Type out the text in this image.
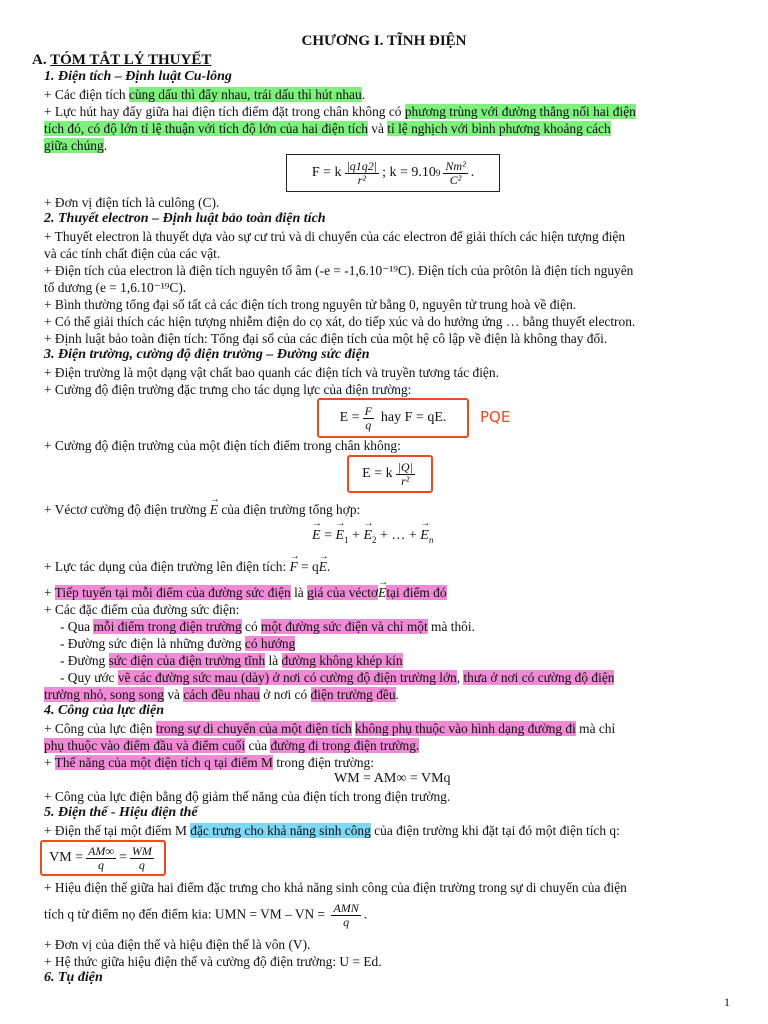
CHƯƠNG I. TĨNH ĐIỆN
A. TÓM TẮT LÝ THUYẾT
1. Điện tích – Định luật Cu-lông
+ Các điện tích cùng dấu thì đẩy nhau, trái dấu thì hút nhau.
+ Lực hút hay đẩy giữa hai điện tích điểm đặt trong chân không có phương trùng với đường thẳng nối hai điện
tích đó, có độ lớn tỉ lệ thuận với tích độ lớn của hai điện tích và tỉ lệ nghịch với bình phương khoảng cách
giữa chúng.
F = k $\frac{|q1q2|}{\text{r²}}$ ; k = 9.10 $9 \frac{\text{Nm²}}{\text{C²}}$ .
+ Đơn vị điện tích là culông (C).
2. Thuyết electron – Định luật bảo toàn điện tích
+ Thuyết electron là thuyết dựa vào sự cư trú và di chuyển của các electron để giải thích các hiện tượng điện
và các tính chất điện của các vật.
+ Điện tích của electron là điện tích nguyên tố âm (-e = -1,6.10⁻¹⁹C). Điện tích của prôtôn là điện tích nguyên
tố dương (e = 1,6.10⁻¹⁹C).
+ Bình thường tổng đại số tất cả các điện tích trong nguyên tử bằng 0, nguyên tử trung hoà về điện.
+ Có thể giải thích các hiện tượng nhiễm điện do cọ xát, do tiếp xúc và do hưởng ứng … bằng thuyết electron.
+ Định luật bảo toàn điện tích: Tổng đại số của các điện tích của một hệ cô lập về điện là không thay đổi.
3. Điện trường, cường độ điện trường – Đường sức điện
+ Điện trường là một dạng vật chất bao quanh các điện tích và truyền tương tác điện.
+ Cường độ điện trường đặc trưng cho tác dụng lực của điện trường:
$E = \frac{F}{q}$ hay F = qE. PQE
+ Cường độ điện trường của một điện tích điểm trong chân không:
E = k $\frac{|Q|}{\text{r²}}$
+ Véctơ cường độ điện trường → E của điện trường tổng hợp:
→ E = → $E_1$ + → $E_2$ + … + → $E_n$
+ Lực tác dụng của điện trường lên điện tích: → F = q→ E.
+ Tiếp tuyến tại mỗi điểm của đường sức điện là giá của véctơ→ Etại điểm đó
+ Các đặc điểm của đường sức điện:
- Qua mỗi điểm trong điện trường có một đường sức điện và chỉ một mà thôi.
- Đường sức điện là những đường có hướng
- Đường sức điện của điện trường tĩnh là đường không khép kín
- Quy ước vẽ các đường sức mau (dày) ở nơi có cường độ điện trường lớn, thưa ở nơi có cường độ điện
trường nhỏ, song song và cách đều nhau ở nơi có điện trường đều.
4. Công của lực điện
+ Công của lực điện trong sự di chuyển của một điện tích không phụ thuộc vào hình dạng đường đi mà chỉ
phụ thuộc vào điểm đầu và điểm cuối của đường đi trong điện trường.
+ Thế năng của một điện tích q tại điểm M trong điện trường:
WM = AM∞ = VMq
+ Công của lực điện bằng độ giảm thế năng của điện tích trong điện trường.
5. Điện thế - Hiệu điện thế
+ Điện thế tại một điểm M đặc trưng cho khả năng sinh công của điện trường khi đặt tại đó một điện tích q:
VM = $\frac{AM\infty}{q} = \frac{WM}{q}$
+ Hiệu điện thế giữa hai điểm đặc trưng cho khả năng sinh công của điện trường trong sự di chuyển của điện
tích q từ điểm nọ đến điểm kia: UMN = VM – VN = $\frac{\text{AMN}}{q}$ .
+ Đơn vị của điện thế và hiệu điện thế là vôn (V).
+ Hệ thức giữa hiệu điện thế và cường độ điện trường: U = Ed.
6. Tụ điện
1
